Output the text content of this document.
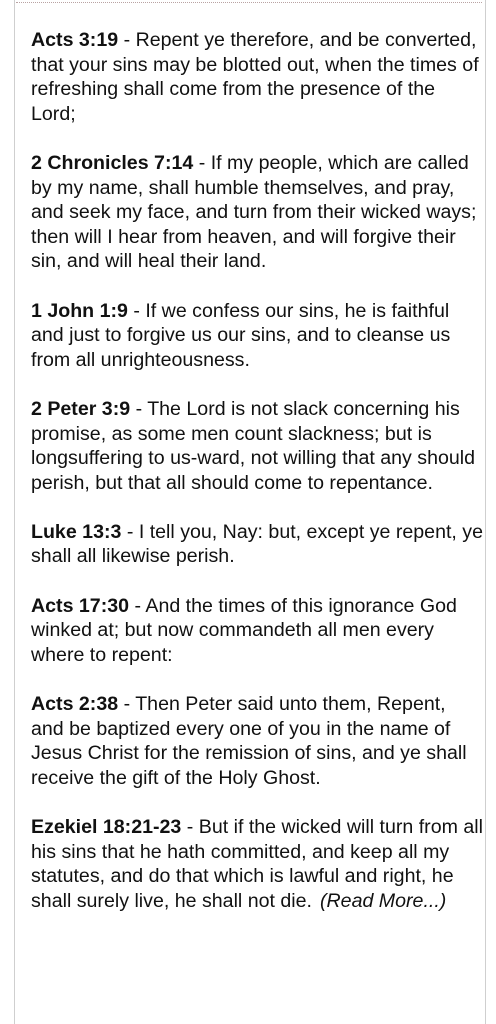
Acts 3:19 - Repent ye therefore, and be converted, that your sins may be blotted out, when the times of refreshing shall come from the presence of the Lord;
2 Chronicles 7:14 - If my people, which are called by my name, shall humble themselves, and pray, and seek my face, and turn from their wicked ways; then will I hear from heaven, and will forgive their sin, and will heal their land.
1 John 1:9 - If we confess our sins, he is faithful and just to forgive us our sins, and to cleanse us from all unrighteousness.
2 Peter 3:9 - The Lord is not slack concerning his promise, as some men count slackness; but is longsuffering to us-ward, not willing that any should perish, but that all should come to repentance.
Luke 13:3 - I tell you, Nay: but, except ye repent, ye shall all likewise perish.
Acts 17:30 - And the times of this ignorance God winked at; but now commandeth all men every where to repent:
Acts 2:38 - Then Peter said unto them, Repent, and be baptized every one of you in the name of Jesus Christ for the remission of sins, and ye shall receive the gift of the Holy Ghost.
Ezekiel 18:21-23 - But if the wicked will turn from all his sins that he hath committed, and keep all my statutes, and do that which is lawful and right, he shall surely live, he shall not die. (Read More...)
